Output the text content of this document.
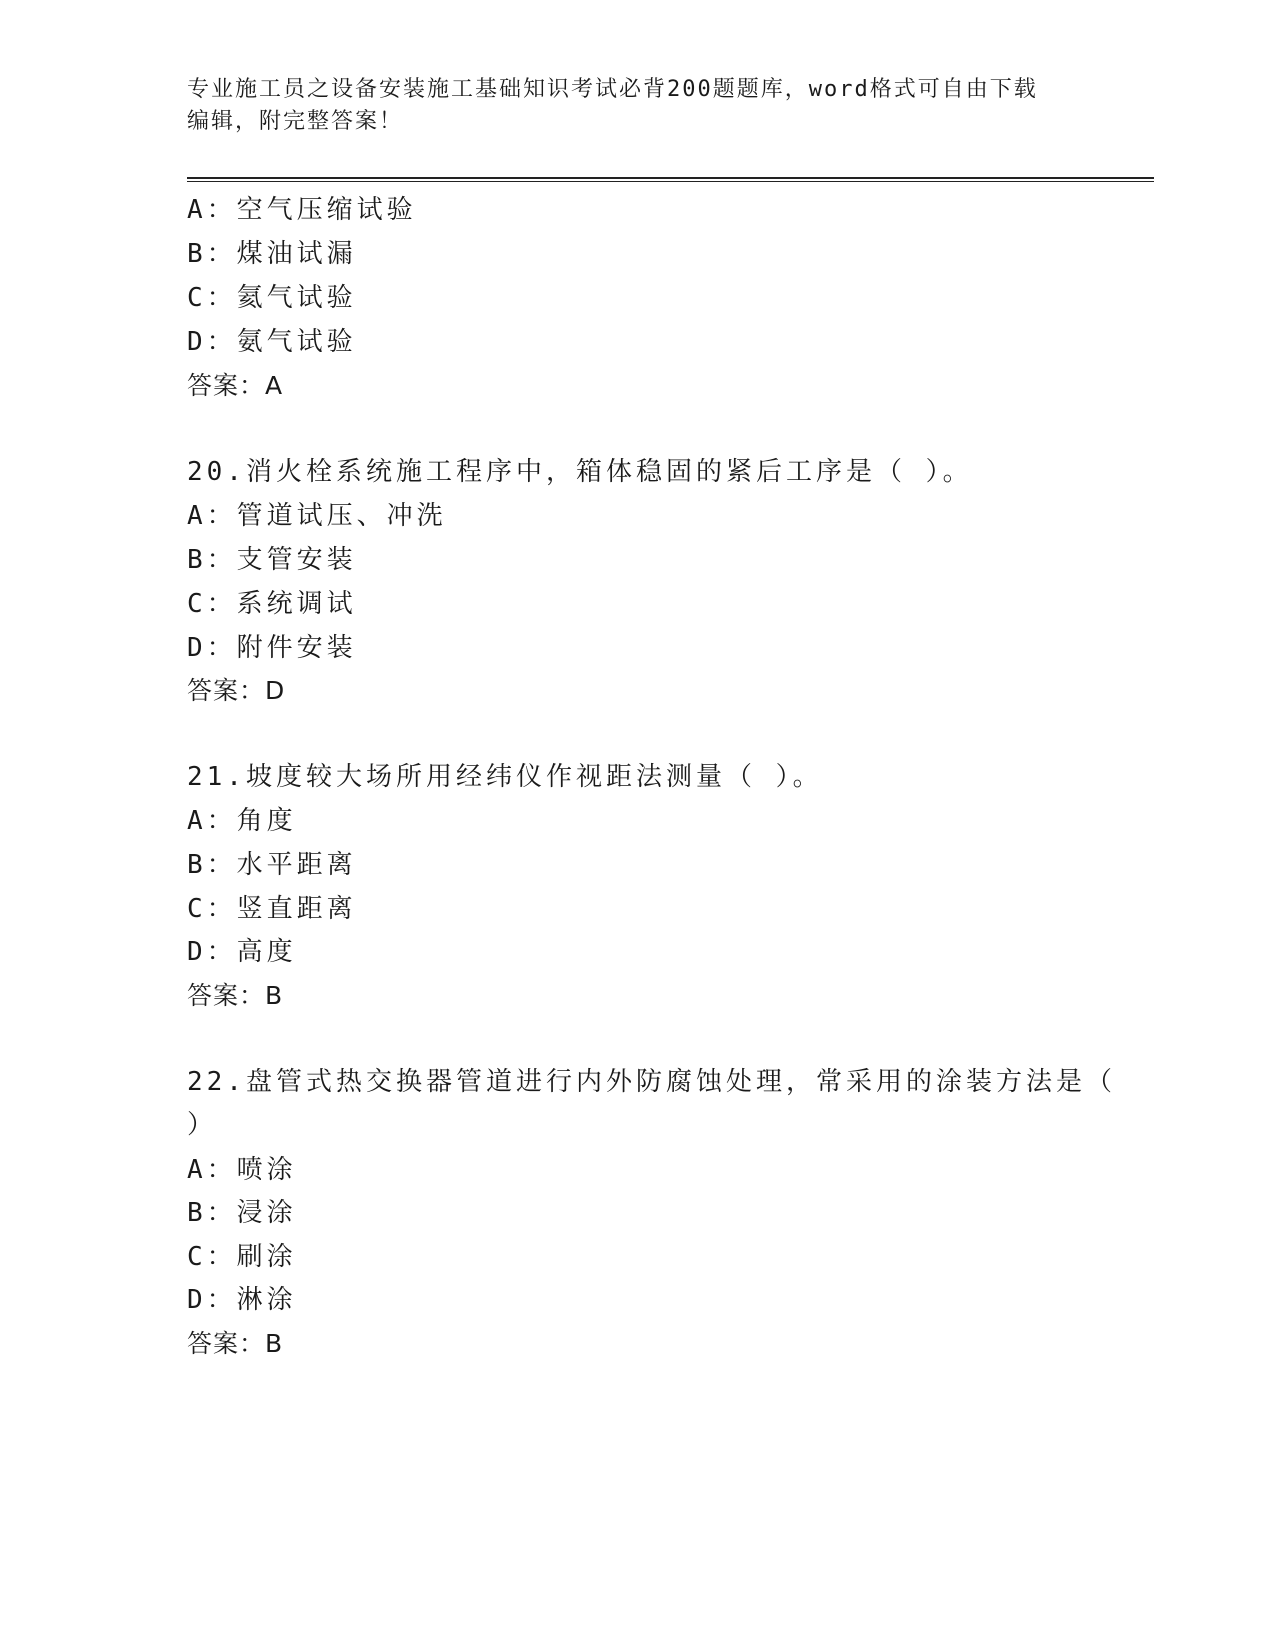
专业施工员之设备安装施工基础知识考试必背200题题库，word格式可自由下载
编辑，附完整答案！
A：空气压缩试验
B：煤油试漏
C：氦气试验
D：氨气试验
答案：A
20.消火栓系统施工程序中，箱体稳固的紧后工序是（ ）。
A：管道试压、冲洗
B：支管安装
C：系统调试
D：附件安装
答案：D
21.坡度较大场所用经纬仪作视距法测量（ ）。
A：角度
B：水平距离
C：竖直距离
D：高度
答案：B
22.盘管式热交换器管道进行内外防腐蚀处理，常采用的涂装方法是（
）
A：喷涂
B：浸涂
C：刷涂
D：淋涂
答案：B
